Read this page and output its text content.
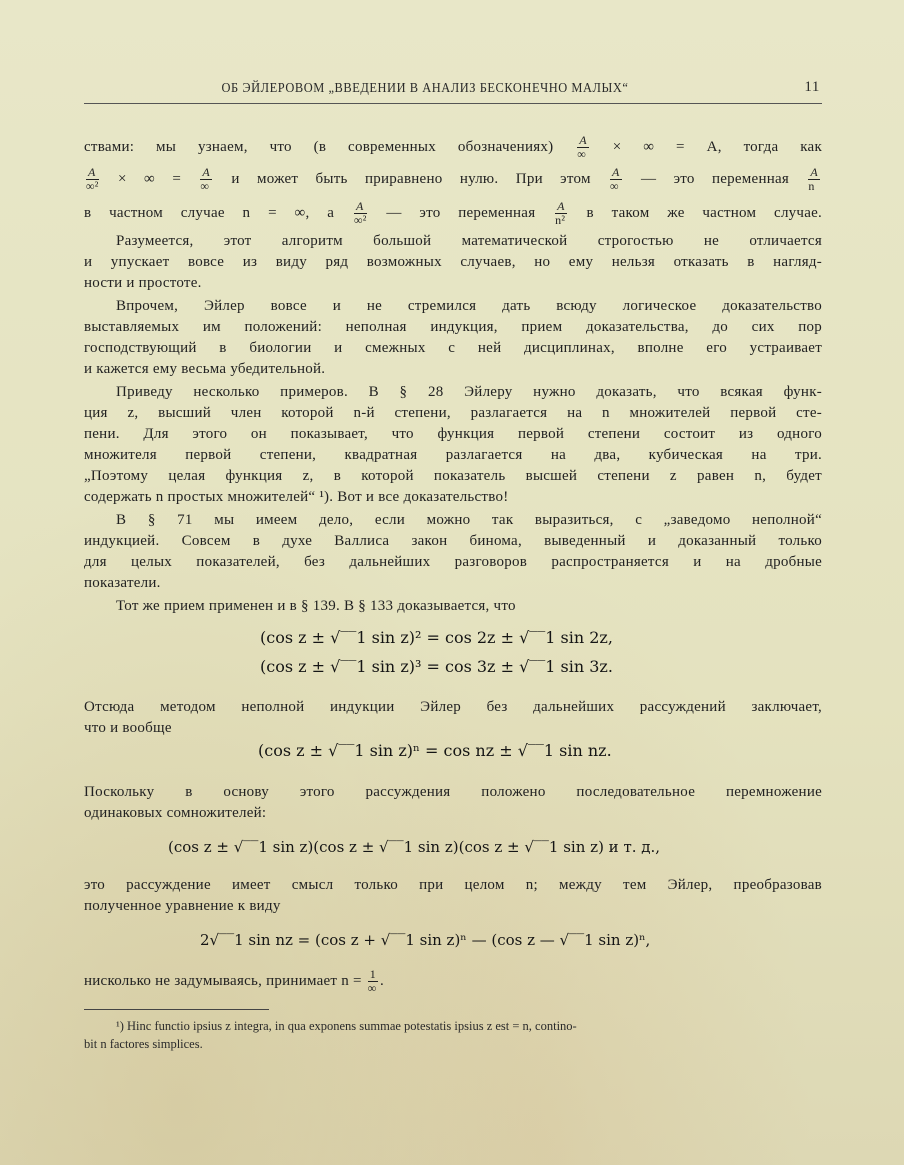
ОБ ЭЙЛЕРОВОМ „ВВЕДЕНИИ В АНАЛИЗ БЕСКОНЕЧНО МАЛЫХ“	11
ствами: мы узнаем, что (в современных обозначениях) $\frac{A}{\infty}$ × ∞ = A, тогда как
$\frac{A}{\text{∞²}}$ × ∞ = $\frac{A}{\infty}$ и может быть приравнено нулю. При этом $\frac{A}{\infty}$ — это переменная $\frac{A}{n}$
в частном случае n = ∞, а $\frac{A}{\text{∞²}}$ — это переменная $\frac{A}{\text{n²}}$ в таком же частном случае.
Разумеется, этот алгоритм большой математической строгостью не отличается
и упускает вовсе из виду ряд возможных случаев, но ему нельзя отказать в нагляд-
ности и простоте.
Впрочем, Эйлер вовсе и не стремился дать всюду логическое доказательство
выставляемых им положений: неполная индукция, прием доказательства, до сих пор
господствующий в биологии и смежных с ней дисциплинах, вполне его устраивает
и кажется ему весьма убедительной.
Приведу несколько примеров. В § 28 Эйлеру нужно доказать, что всякая функ-
ция z, высший член которой n-й степени, разлагается на n множителей первой сте-
пени. Для этого он показывает, что функция первой степени состоит из одного
множителя первой степени, квадратная разлагается на два, кубическая на три.
„Поэтому целая функция z, в которой показатель высшей степени z равен n, будет
содержать n простых множителей“ ¹). Вот и все доказательство!
В § 71 мы имеем дело, если можно так выразиться, с „заведомо неполной“
индукцией. Совсем в духе Валлиса закон бинома, выведенный и доказанный только
для целых показателей, без дальнейших разговоров распространяется и на дробные
показатели.
Тот же прием применен и в § 139. В § 133 доказывается, что
(cos z ± √‾‾1 sin z)² = cos 2z ± √‾‾1 sin 2z,
(cos z ± √‾‾1 sin z)³ = cos 3z ± √‾‾1 sin 3z.
Отсюда методом неполной индукции Эйлер без дальнейших рассуждений заключает,
что и вообще
(cos z ± √‾‾1 sin z)ⁿ = cos nz ± √‾‾1 sin nz.
Поскольку в основу этого рассуждения положено последовательное перемножение
одинаковых сомножителей:
(cos z ± √‾‾1 sin z)(cos z ± √‾‾1 sin z)(cos z ± √‾‾1 sin z) и т. д.,
это рассуждение имеет смысл только при целом n; между тем Эйлер, преобразовав
полученное уравнение к виду
2√‾‾1 sin nz = (cos z + √‾‾1 sin z)ⁿ — (cos z — √‾‾1 sin z)ⁿ,
нисколько не задумываясь, принимает $n = \frac{1}{\infty}$ .
¹) Hinc functio ipsius z integra, in qua exponens summae potestatis ipsius z est = n, contino-
bit n factores simplices.
